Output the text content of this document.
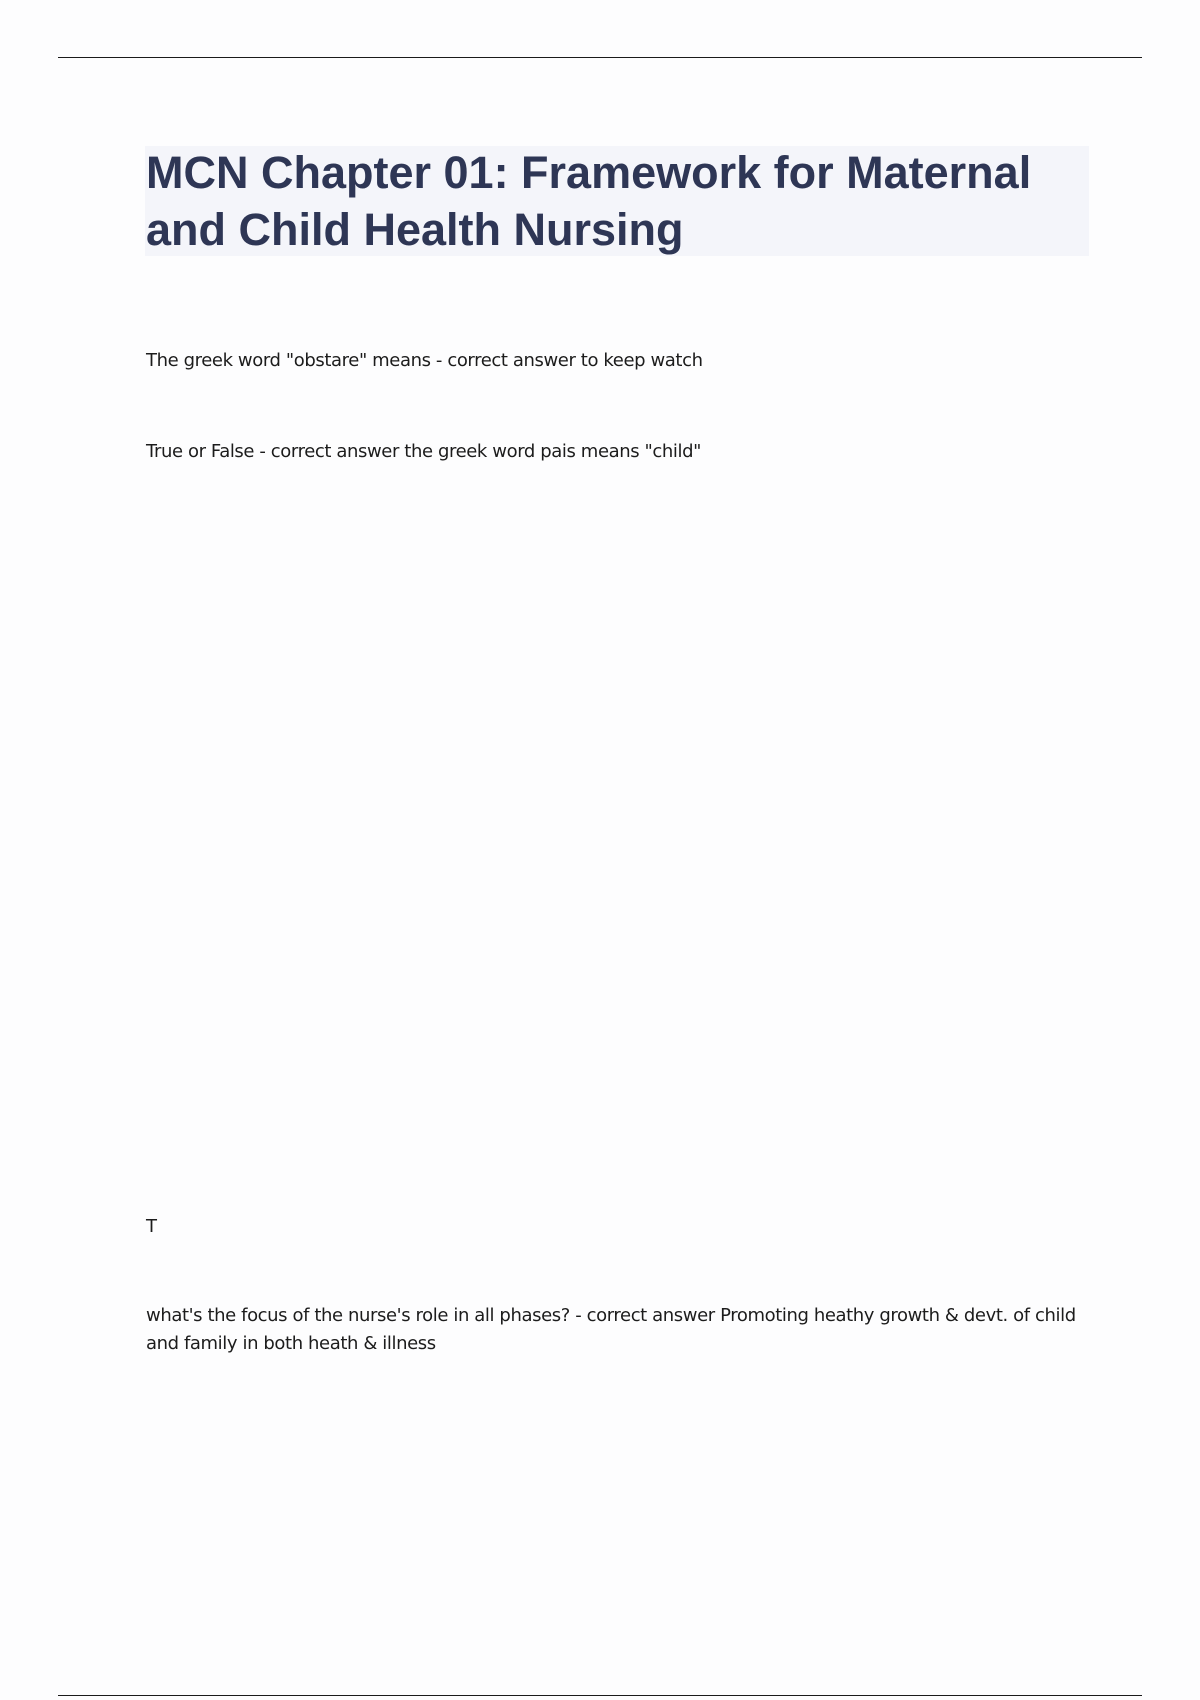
MCN Chapter 01: Framework for Maternal and Child Health Nursing

The greek word "obstare" means - correct answer to keep watch

True or False - correct answer the greek word pais means "child"

T

what's the focus of the nurse's role in all phases? - correct answer Promoting heathy growth & devt. of child and family in both heath & illness
